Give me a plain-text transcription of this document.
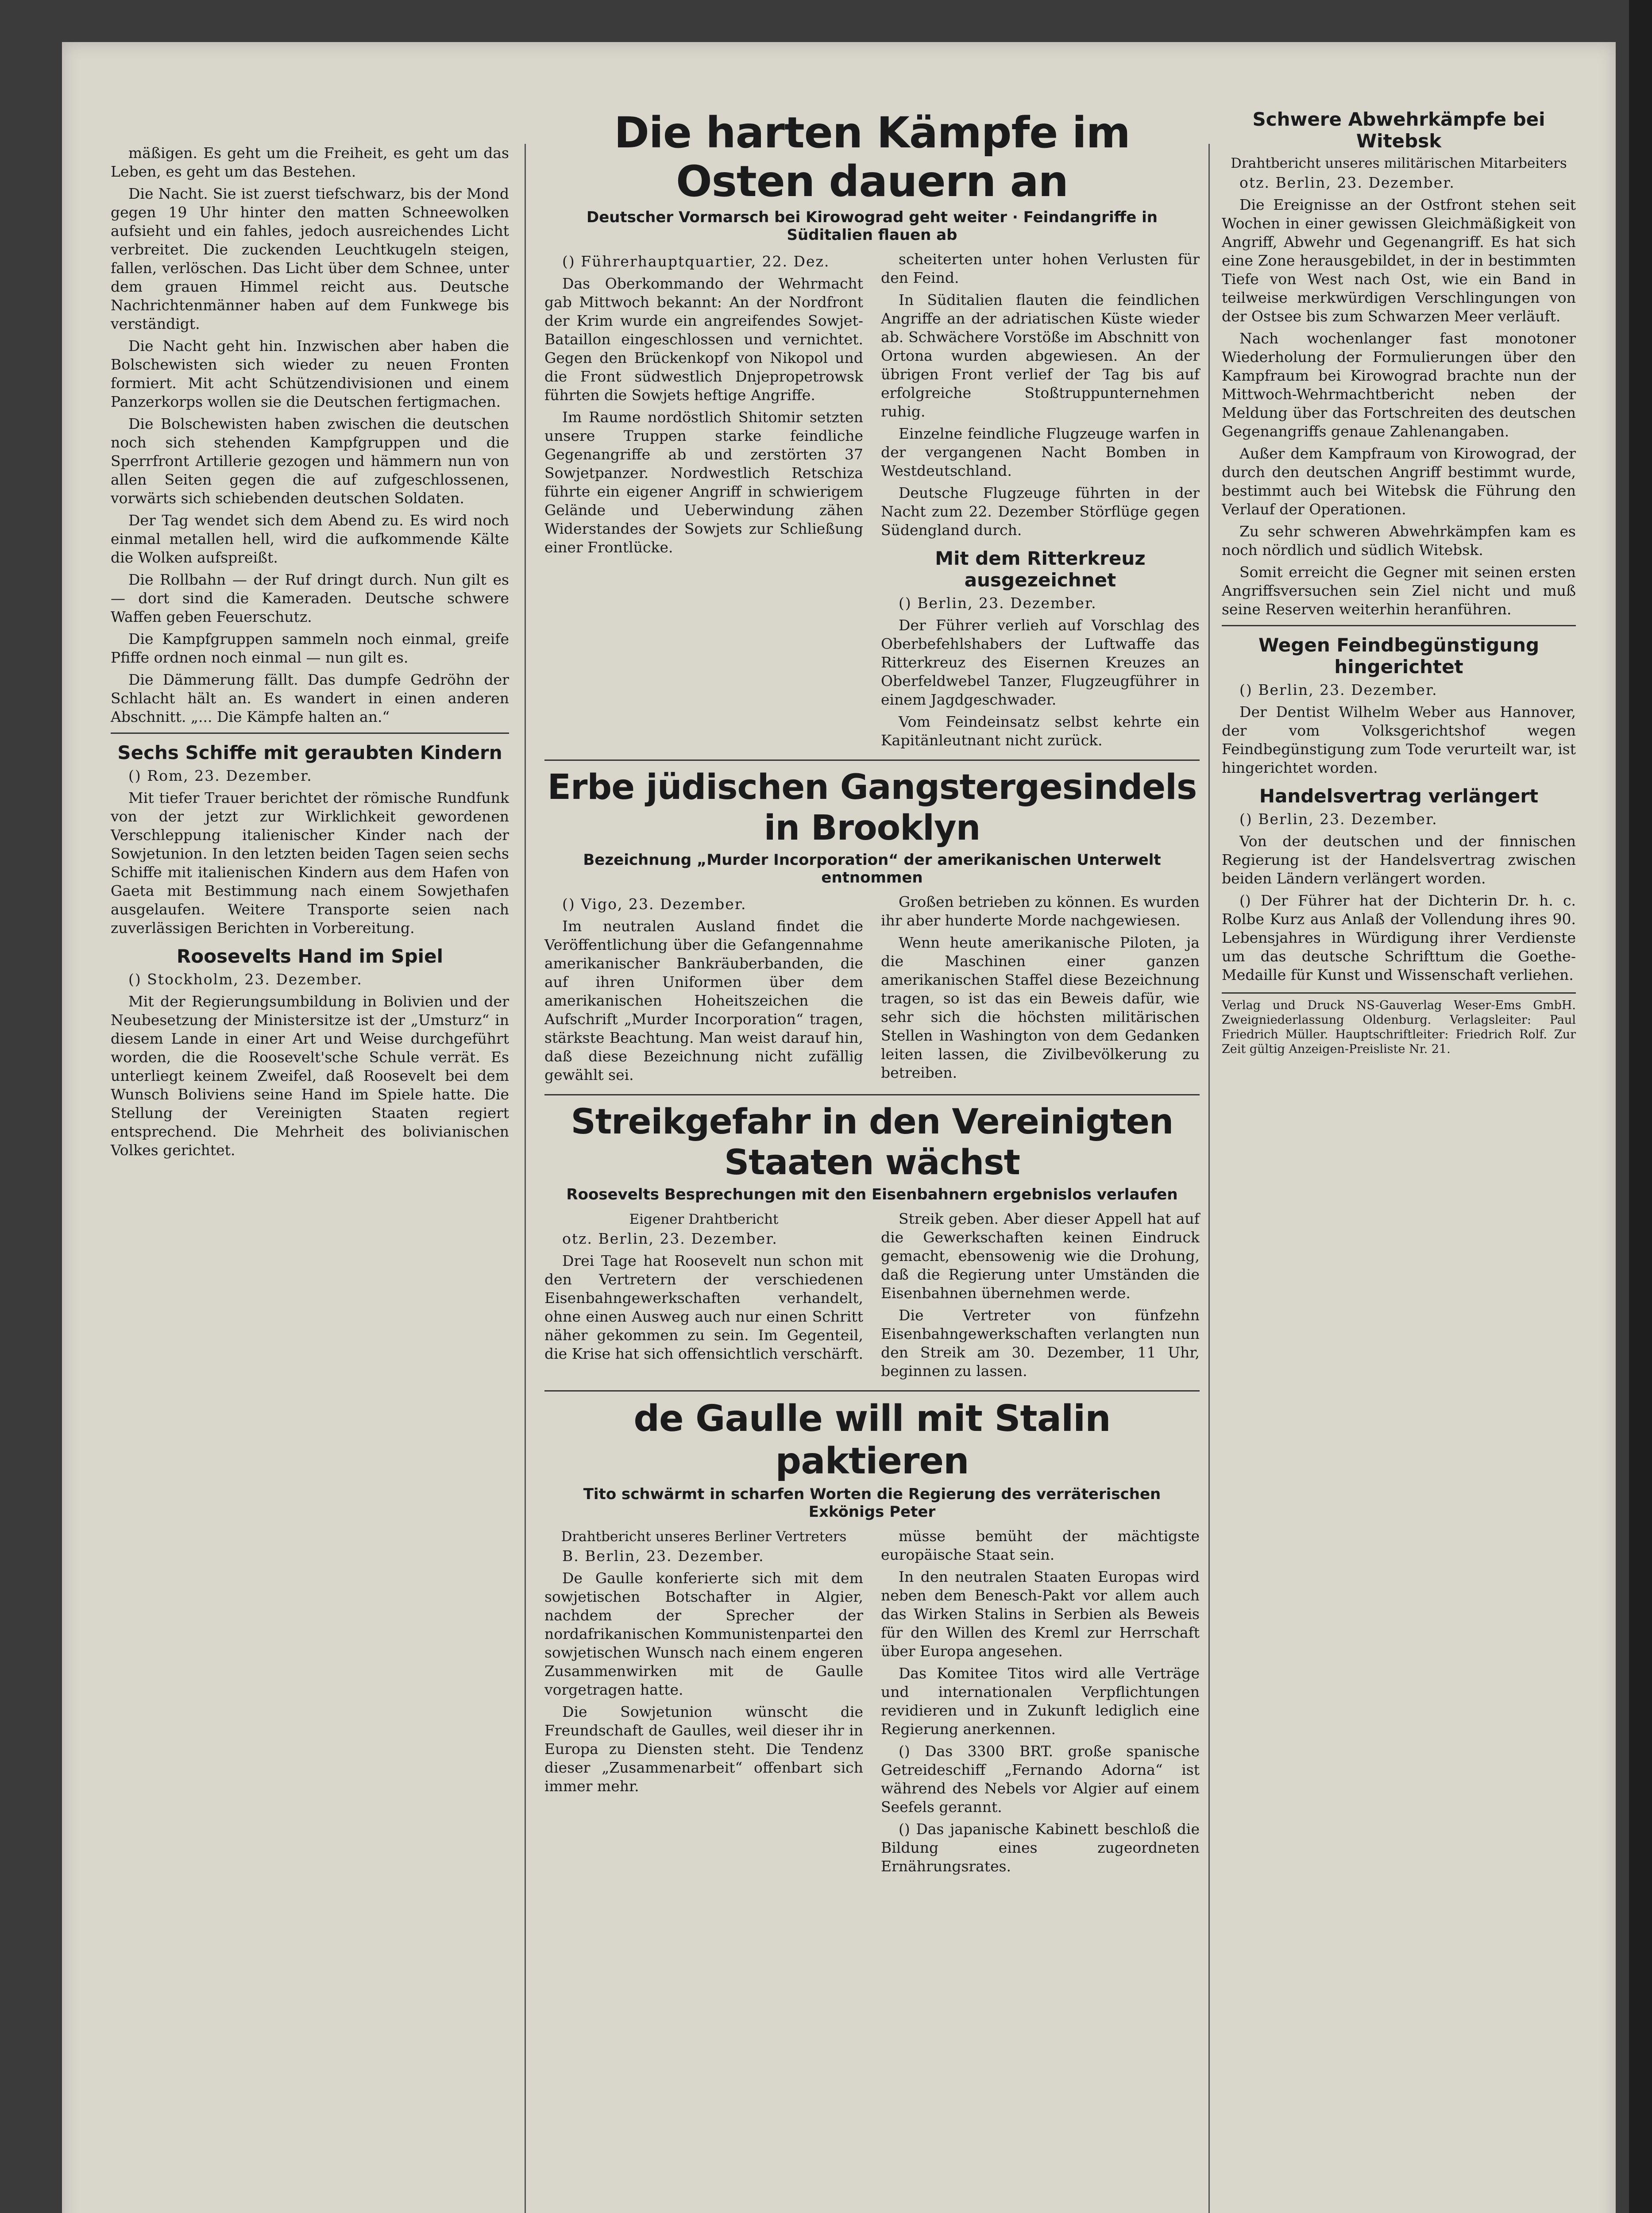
mäßigen. Es geht um die Freiheit, es geht um das Leben, es geht um das Bestehen.

Die Nacht. Sie ist zuerst tiefschwarz, bis der Mond gegen 19 Uhr hinter den matten Schneewolken aufsieht und ein fahles, jedoch ausreichendes Licht verbreitet. Die zuckenden Leuchtkugeln steigen, fallen, verlöschen. Das Licht über dem Schnee, unter dem grauen Himmel reicht aus. Deutsche Nachrichtenmänner haben auf dem Funkwege bis verständigt.

Die Nacht geht hin. Inzwischen aber haben die Bolschewisten sich wieder zu neuen Fronten formiert. Mit acht Schützendivisionen und einem Panzerkorps wollen sie die Deutschen fertigmachen.

Die Bolschewisten haben zwischen die deutschen noch sich stehenden Kampfgruppen und die Sperrfront Artillerie gezogen und hämmern nun von allen Seiten gegen die auf zufgeschlossenen, vorwärts sich schiebenden deutschen Soldaten.

Der Tag wendet sich dem Abend zu. Es wird noch einmal metallen hell, wird die aufkommende Kälte die Wolken aufspreißt.

Die Rollbahn — der Ruf dringt durch. Nun gilt es — dort sind die Kameraden. Deutsche schwere Waffen geben Feuerschutz.

Die Kampfgruppen sammeln noch einmal, greife Pfiffe ordnen noch einmal — nun gilt es.

Die Dämmerung fällt. Das dumpfe Gedröhn der Schlacht hält an. Es wandert in einen anderen Abschnitt. „... Die Kämpfe halten an.“

Sechs Schiffe mit geraubten Kindern
() Rom, 23. Dezember.

Mit tiefer Trauer berichtet der römische Rundfunk von der jetzt zur Wirklichkeit gewordenen Verschleppung italienischer Kinder nach der Sowjetunion. In den letzten beiden Tagen seien sechs Schiffe mit italienischen Kindern aus dem Hafen von Gaeta mit Bestimmung nach einem Sowjethafen ausgelaufen. Weitere Transporte seien nach zuverlässigen Berichten in Vorbereitung.

Roosevelts Hand im Spiel
() Stockholm, 23. Dezember.

Mit der Regierungsumbildung in Bolivien und der Neubesetzung der Ministersitze ist der „Umsturz“ in diesem Lande in einer Art und Weise durchgeführt worden, die die Roosevelt'sche Schule verrät. Es unterliegt keinem Zweifel, daß Roosevelt bei dem Wunsch Boliviens seine Hand im Spiele hatte. Die Stellung der Vereinigten Staaten regiert entsprechend. Die Mehrheit des bolivianischen Volkes gerichtet.

Die harten Kämpfe im Osten dauern an
Deutscher Vormarsch bei Kirowograd geht weiter · Feindangriffe in Süditalien flauen ab
() Führerhauptquartier, 22. Dez.

Das Oberkommando der Wehrmacht gab Mittwoch bekannt: An der Nordfront der Krim wurde ein angreifendes Sowjet-Bataillon eingeschlossen und vernichtet. Gegen den Brückenkopf von Nikopol und die Front südwestlich Dnjepropetrowsk führten die Sowjets heftige Angriffe.

Im Raume nordöstlich Shitomir setzten unsere Truppen starke feindliche Gegenangriffe ab und zerstörten 37 Sowjetpanzer. Nordwestlich Retschiza führte ein eigener Angriff in schwierigem Gelände und Ueberwindung zähen Widerstandes der Sowjets zur Schließung einer Frontlücke.

scheiterten unter hohen Verlusten für den Feind.

In Süditalien flauten die feindlichen Angriffe an der adriatischen Küste wieder ab. Schwächere Vorstöße im Abschnitt von Ortona wurden abgewiesen. An der übrigen Front verlief der Tag bis auf erfolgreiche Stoßtruppunternehmen ruhig.

Einzelne feindliche Flugzeuge warfen in der vergangenen Nacht Bomben in Westdeutschland.

Deutsche Flugzeuge führten in der Nacht zum 22. Dezember Störflüge gegen Südengland durch.

Mit dem Ritterkreuz ausgezeichnet
() Berlin, 23. Dezember.

Der Führer verlieh auf Vorschlag des Oberbefehlshabers der Luftwaffe das Ritterkreuz des Eisernen Kreuzes an Oberfeldwebel Tanzer, Flugzeugführer in einem Jagdgeschwader.

Vom Feindeinsatz selbst kehrte ein Kapitänleutnant nicht zurück.

Erbe jüdischen Gangstergesindels in Brooklyn
Bezeichnung „Murder Incorporation“ der amerikanischen Unterwelt entnommen
() Vigo, 23. Dezember.

Im neutralen Ausland findet die Veröffentlichung über die Gefangennahme amerikanischer Bankräuberbanden, die auf ihren Uniformen über dem amerikanischen Hoheitszeichen die Aufschrift „Murder Incorporation“ tragen, stärkste Beachtung. Man weist darauf hin, daß diese Bezeichnung nicht zufällig gewählt sei.

Großen betrieben zu können. Es wurden ihr aber hunderte Morde nachgewiesen.

Wenn heute amerikanische Piloten, ja die Maschinen einer ganzen amerikanischen Staffel diese Bezeichnung tragen, so ist das ein Beweis dafür, wie sehr sich die höchsten militärischen Stellen in Washington von dem Gedanken leiten lassen, die Zivilbevölkerung zu betreiben.

Streikgefahr in den Vereinigten Staaten wächst
Roosevelts Besprechungen mit den Eisenbahnern ergebnislos verlaufen
Eigener Drahtbericht
otz. Berlin, 23. Dezember.

Drei Tage hat Roosevelt nun schon mit den Vertretern der verschiedenen Eisenbahngewerkschaften verhandelt, ohne einen Ausweg auch nur einen Schritt näher gekommen zu sein. Im Gegenteil, die Krise hat sich offensichtlich verschärft.

Streik geben. Aber dieser Appell hat auf die Gewerkschaften keinen Eindruck gemacht, ebensowenig wie die Drohung, daß die Regierung unter Umständen die Eisenbahnen übernehmen werde.

Die Vertreter von fünfzehn Eisenbahngewerkschaften verlangten nun den Streik am 30. Dezember, 11 Uhr, beginnen zu lassen.

de Gaulle will mit Stalin paktieren
Tito schwärmt in scharfen Worten die Regierung des verräterischen Exkönigs Peter
Drahtbericht unseres Berliner Vertreters
B. Berlin, 23. Dezember.

De Gaulle konferierte sich mit dem sowjetischen Botschafter in Algier, nachdem der Sprecher der nordafrikanischen Kommunistenpartei den sowjetischen Wunsch nach einem engeren Zusammenwirken mit de Gaulle vorgetragen hatte.

Die Sowjetunion wünscht die Freundschaft de Gaulles, weil dieser ihr in Europa zu Diensten steht. Die Tendenz dieser „Zusammenarbeit“ offenbart sich immer mehr.

müsse bemüht der mächtigste europäische Staat sein.

In den neutralen Staaten Europas wird neben dem Benesch-Pakt vor allem auch das Wirken Stalins in Serbien als Beweis für den Willen des Kreml zur Herrschaft über Europa angesehen.

Das Komitee Titos wird alle Verträge und internationalen Verpflichtungen revidieren und in Zukunft lediglich eine Regierung anerkennen.

() Das 3300 BRT. große spanische Getreideschiff „Fernando Adorna“ ist während des Nebels vor Algier auf einem Seefels gerannt.

() Das japanische Kabinett beschloß die Bildung eines zugeordneten Ernährungsrates.

Schwere Abwehrkämpfe bei Witebsk
Drahtbericht unseres militärischen Mitarbeiters
otz. Berlin, 23. Dezember.

Die Ereignisse an der Ostfront stehen seit Wochen in einer gewissen Gleichmäßigkeit von Angriff, Abwehr und Gegenangriff. Es hat sich eine Zone herausgebildet, in der in bestimmten Tiefe von West nach Ost, wie ein Band in teilweise merkwürdigen Verschlingungen von der Ostsee bis zum Schwarzen Meer verläuft.

Nach wochenlanger fast monotoner Wiederholung der Formulierungen über den Kampfraum bei Kirowograd brachte nun der Mittwoch-Wehrmachtbericht neben der Meldung über das Fortschreiten des deutschen Gegenangriffs genaue Zahlenangaben.

Außer dem Kampfraum von Kirowograd, der durch den deutschen Angriff bestimmt wurde, bestimmt auch bei Witebsk die Führung den Verlauf der Operationen.

Zu sehr schweren Abwehrkämpfen kam es noch nördlich und südlich Witebsk.

Somit erreicht die Gegner mit seinen ersten Angriffsversuchen sein Ziel nicht und muß seine Reserven weiterhin heranführen.

Wegen Feindbegünstigung hingerichtet
() Berlin, 23. Dezember.

Der Dentist Wilhelm Weber aus Hannover, der vom Volksgerichtshof wegen Feindbegünstigung zum Tode verurteilt war, ist hingerichtet worden.

Handelsvertrag verlängert
() Berlin, 23. Dezember.

Von der deutschen und der finnischen Regierung ist der Handelsvertrag zwischen beiden Ländern verlängert worden.

() Der Führer hat der Dichterin Dr. h. c. Rolbe Kurz aus Anlaß der Vollendung ihres 90. Lebensjahres in Würdigung ihrer Verdienste um das deutsche Schrifttum die Goethe-Medaille für Kunst und Wissenschaft verliehen.

Verlag und Druck NS-Gauverlag Weser-Ems GmbH. Zweigniederlassung Oldenburg. Verlagsleiter: Paul Friedrich Müller. Hauptschriftleiter: Friedrich Rolf. Zur Zeit gültig Anzeigen-Preisliste Nr. 21.
